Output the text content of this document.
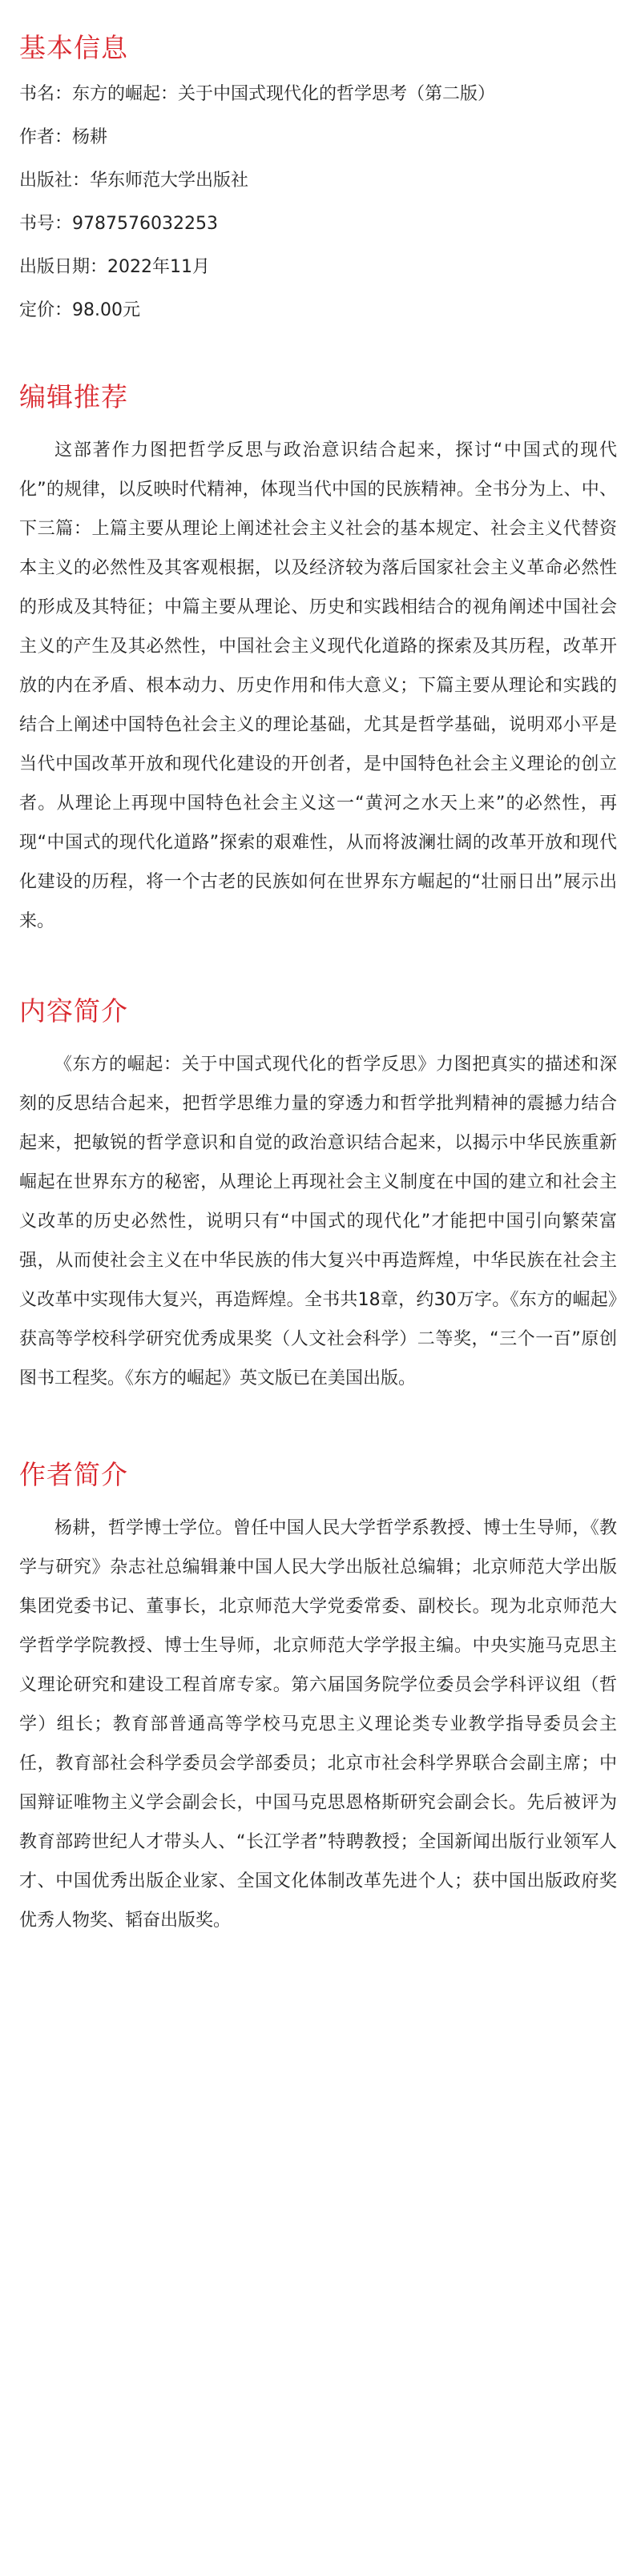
基本信息

书名：东方的崛起：关于中国式现代化的哲学思考（第二版）

作者：杨耕

出版社：华东师范大学出版社

书号：9787576032253

出版日期：2022年11月

定价：98.00元

编辑推荐

这部著作力图把哲学反思与政治意识结合起来，探讨“中国式的现代化”的规律，以反映时代精神，体现当代中国的民族精神。全书分为上、中、下三篇：上篇主要从理论上阐述社会主义社会的基本规定、社会主义代替资本主义的必然性及其客观根据，以及经济较为落后国家社会主义革命必然性的形成及其特征；中篇主要从理论、历史和实践相结合的视角阐述中国社会主义的产生及其必然性，中国社会主义现代化道路的探索及其历程，改革开放的内在矛盾、根本动力、历史作用和伟大意义；下篇主要从理论和实践的结合上阐述中国特色社会主义的理论基础，尤其是哲学基础，说明邓小平是当代中国改革开放和现代化建设的开创者，是中国特色社会主义理论的创立者。从理论上再现中国特色社会主义这一“黄河之水天上来”的必然性，再现“中国式的现代化道路”探索的艰难性，从而将波澜壮阔的改革开放和现代化建设的历程，将一个古老的民族如何在世界东方崛起的“壮丽日出”展示出来。

内容简介

《东方的崛起：关于中国式现代化的哲学反思》力图把真实的描述和深刻的反思结合起来，把哲学思维力量的穿透力和哲学批判精神的震撼力结合起来，把敏锐的哲学意识和自觉的政治意识结合起来，以揭示中华民族重新崛起在世界东方的秘密，从理论上再现社会主义制度在中国的建立和社会主义改革的历史必然性，说明只有“中国式的现代化”才能把中国引向繁荣富强，从而使社会主义在中华民族的伟大复兴中再造辉煌，中华民族在社会主义改革中实现伟大复兴，再造辉煌。全书共18章，约30万字。《东方的崛起》获高等学校科学研究优秀成果奖（人文社会科学）二等奖，“三个一百”原创图书工程奖。《东方的崛起》英文版已在美国出版。

作者简介

杨耕，哲学博士学位。曾任中国人民大学哲学系教授、博士生导师，《教学与研究》杂志社总编辑兼中国人民大学出版社总编辑；北京师范大学出版集团党委书记、董事长，北京师范大学党委常委、副校长。现为北京师范大学哲学学院教授、博士生导师，北京师范大学学报主编。中央实施马克思主义理论研究和建设工程首席专家。第六届国务院学位委员会学科评议组（哲学）组长；教育部普通高等学校马克思主义理论类专业教学指导委员会主任，教育部社会科学委员会学部委员；北京市社会科学界联合会副主席；中国辩证唯物主义学会副会长，中国马克思恩格斯研究会副会长。先后被评为教育部跨世纪人才带头人、“长江学者”特聘教授；全国新闻出版行业领军人才、中国优秀出版企业家、全国文化体制改革先进个人；获中国出版政府奖优秀人物奖、韬奋出版奖。
